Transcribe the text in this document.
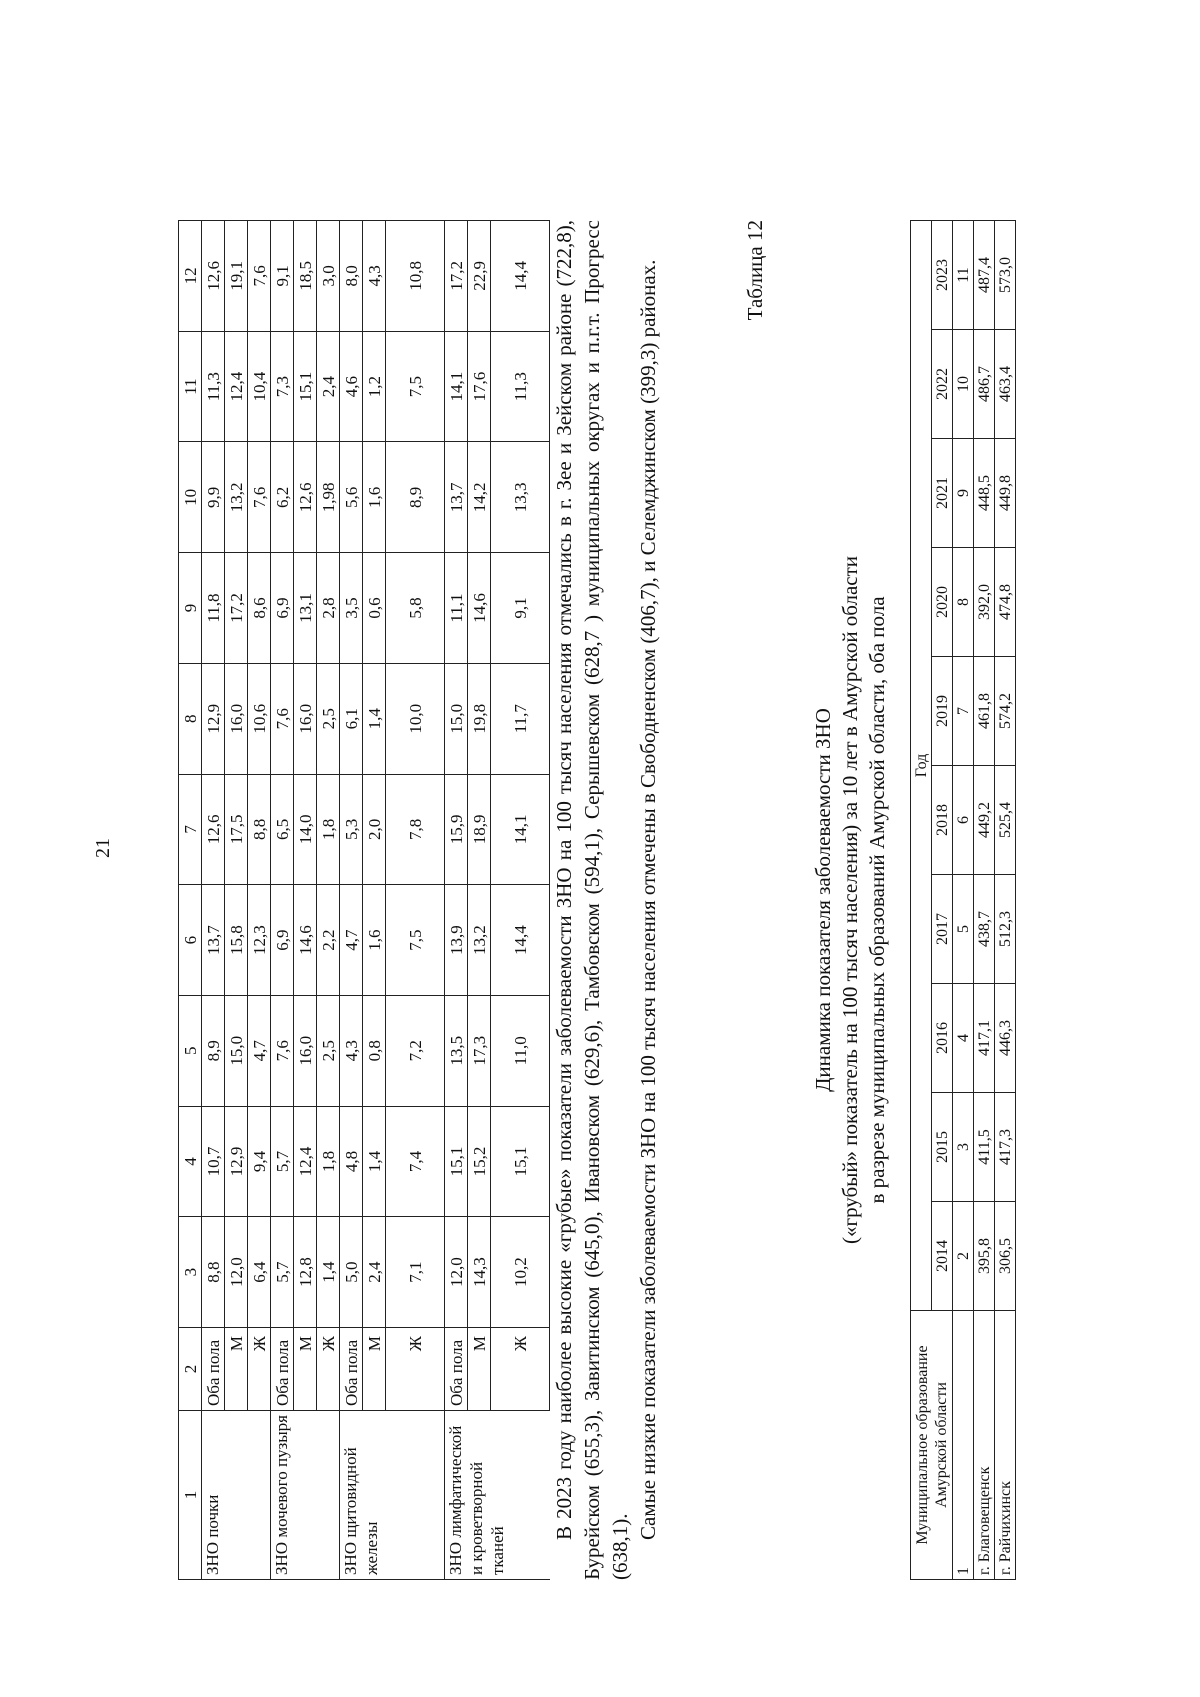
21
1	2	3	4	5	6	7	8	9	10	11	12
ЗНО почки	Оба пола	8,8	10,7	8,9	13,7	12,6	12,9	11,8	9,9	11,3	12,6
	М	12,0	12,9	15,0	15,8	17,5	16,0	17,2	13,2	12,4	19,1
	Ж	6,4	9,4	4,7	12,3	8,8	10,6	8,6	7,6	10,4	7,6
ЗНО мочевого пузыря	Оба пола	5,7	5,7	7,6	6,9	6,5	7,6	6,9	6,2	7,3	9,1
	М	12,8	12,4	16,0	14,6	14,0	16,0	13,1	12,6	15,1	18,5
	Ж	1,4	1,8	2,5	2,2	1,8	2,5	2,8	1,98	2,4	3,0
ЗНО щитовидной железы	Оба пола	5,0	4,8	4,3	4,7	5,3	6,1	3,5	5,6	4,6	8,0
	М	2,4	1,4	0,8	1,6	2,0	1,4	0,6	1,6	1,2	4,3
	Ж	7,1	7,4	7,2	7,5	7,8	10,0	5,8	8,9	7,5	10,8
ЗНО лимфатической и кроветворной тканей	Оба пола	12,0	15,1	13,5	13,9	15,9	15,0	11,1	13,7	14,1	17,2
	М	14,3	15,2	17,3	13,2	18,9	19,8	14,6	14,2	17,6	22,9
	Ж	10,2	15,1	11,0	14,4	14,1	11,7	9,1	13,3	11,3	14,4 В 2023 году наиболее высокие «грубые» показатели заболеваемости ЗНО на 100 тысяч населения отмечались в г. Зее и Зейском районе (722,8), Бурейском (655,3), Завитинском (645,0), Ивановском (629,6), Тамбовском (594,1), Серышевском (628,7 ) муниципальных округах и п.г.т. Прогресс (638,1).

Самые низкие показатели заболеваемости ЗНО на 100 тысяч населения отмечены в Свободненском (406,7), и Селемджинском (399,3) районах.	Таблица 12
Динамика показателя заболеваемости ЗНО («грубый» показатель на 100 тысяч населения) за 10 лет в Амурской области в разрезе муниципальных образований Амурской области, оба пола
Муниципальное образование Амурской области	Год									
	2014	2015	2016	2017	2018	2019	2020	2021	2022	2023
1	2	3	4	5	6	7	8	9	10	11
г. Благовещенск	395,8	411,5	417,1	438,7	449,2	461,8	392,0	448,5	486,7	487,4
г. Райчихинск	306,5	417,3	446,3	512,3	525,4	574,2	474,8	449,8	463,4	573,0
